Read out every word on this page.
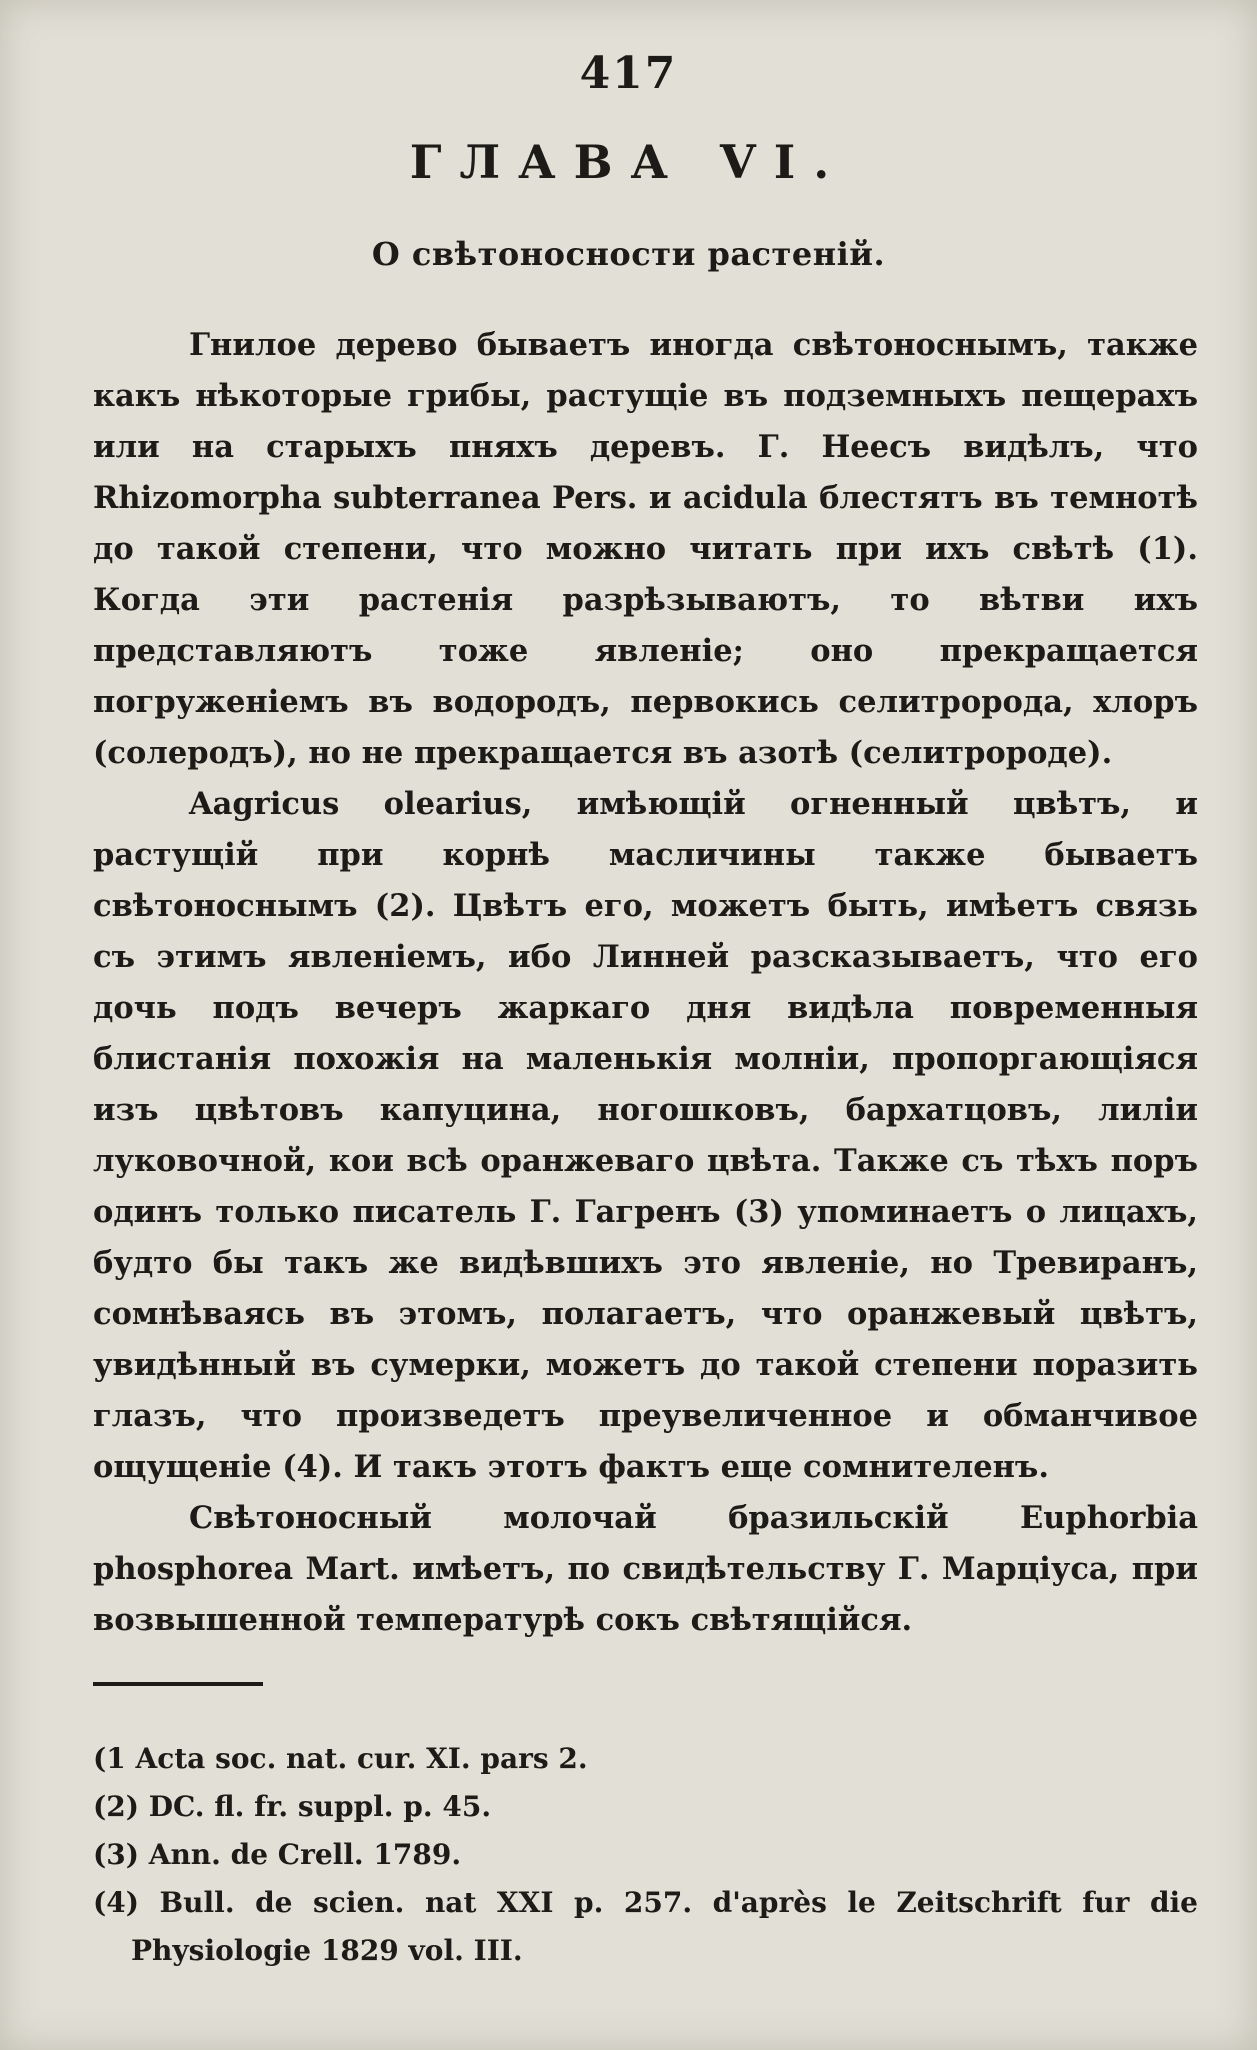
417
ГЛАВА VI.
О свѣтоносности растеній.

Гнилое дерево бываетъ иногда свѣтоноснымъ, также какъ нѣкоторые грибы, растущіе въ подземныхъ пещерахъ или на старыхъ пняхъ деревъ. Г. Неесъ видѣлъ, что Rhizomorpha subterranea Pers. и acidula блестятъ въ темнотѣ до такой степени, что можно читать при ихъ свѣтѣ (1). Когда эти растенія разрѣзываютъ, то вѣтви ихъ представляютъ тоже явленіе; оно прекращается погруженіемъ въ водородъ, первокись селитророда, хлоръ (солеродъ), но не прекращается въ азотѣ (селитророде).

Aagricus olearius, имѣющій огненный цвѣтъ, и растущій при корнѣ масличины также бываетъ свѣтоноснымъ (2). Цвѣтъ его, можетъ быть, имѣетъ связь съ этимъ явленіемъ, ибо Линней разсказываетъ, что его дочь подъ вечеръ жаркаго дня видѣла повременныя блистанія похожія на маленькія молніи, пропоргающіяся изъ цвѣтовъ капуцина, ногошковъ, бархатцовъ, лиліи луковочной, кои всѣ оранжеваго цвѣта. Также съ тѣхъ поръ одинъ только писатель Г. Гагренъ (3) упоминаетъ о лицахъ, будто бы такъ же видѣвшихъ это явленіе, но Тревиранъ, сомнѣваясь въ этомъ, полагаетъ, что оранжевый цвѣтъ, увидѣнный въ сумерки, можетъ до такой степени поразить глазъ, что произведетъ преувеличенное и обманчивое ощущеніе (4). И такъ этотъ фактъ еще сомнителенъ.

Свѣтоносный молочай бразильскій Euphorbia phosphorea Mart. имѣетъ, по свидѣтельству Г. Марціуса, при возвышенной температурѣ сокъ свѣтящійся.

(1 Acta soc. nat. cur. XI. pars 2.

(2) DC. fl. fr. suppl. p. 45.

(3) Ann. de Crell. 1789.

(4) Bull. de scien. nat XXI p. 257. d'après le Zeitschrift fur die Physiologie 1829 vol. III.
